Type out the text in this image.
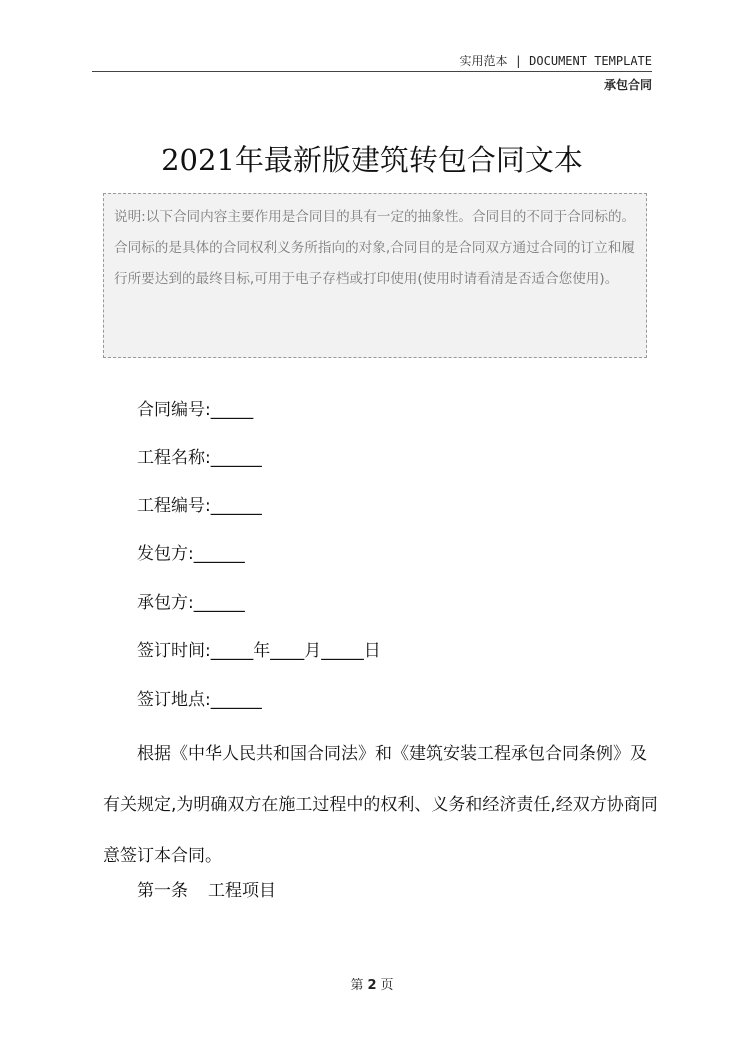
实用范本 | DOCUMENT TEMPLATE
承包合同
2021年最新版建筑转包合同文本
说明:以下合同内容主要作用是合同目的具有一定的抽象性。合同目的不同于合同标的。合同标的是具体的合同权利义务所指向的对象,合同目的是合同双方通过合同的订立和履行所要达到的最终目标,可用于电子存档或打印使用(使用时请看清是否适合您使用)。
合同编号:_____
工程名称:______
工程编号:______
发包方:______
承包方:______
签订时间:_____年____月_____日
签订地点:______
根据《中华人民共和国合同法》和《建筑安装工程承包合同条例》及有关规定,为明确双方在施工过程中的权利、义务和经济责任,经双方协商同意签订本合同。
第一条 工程项目
第 2 页
